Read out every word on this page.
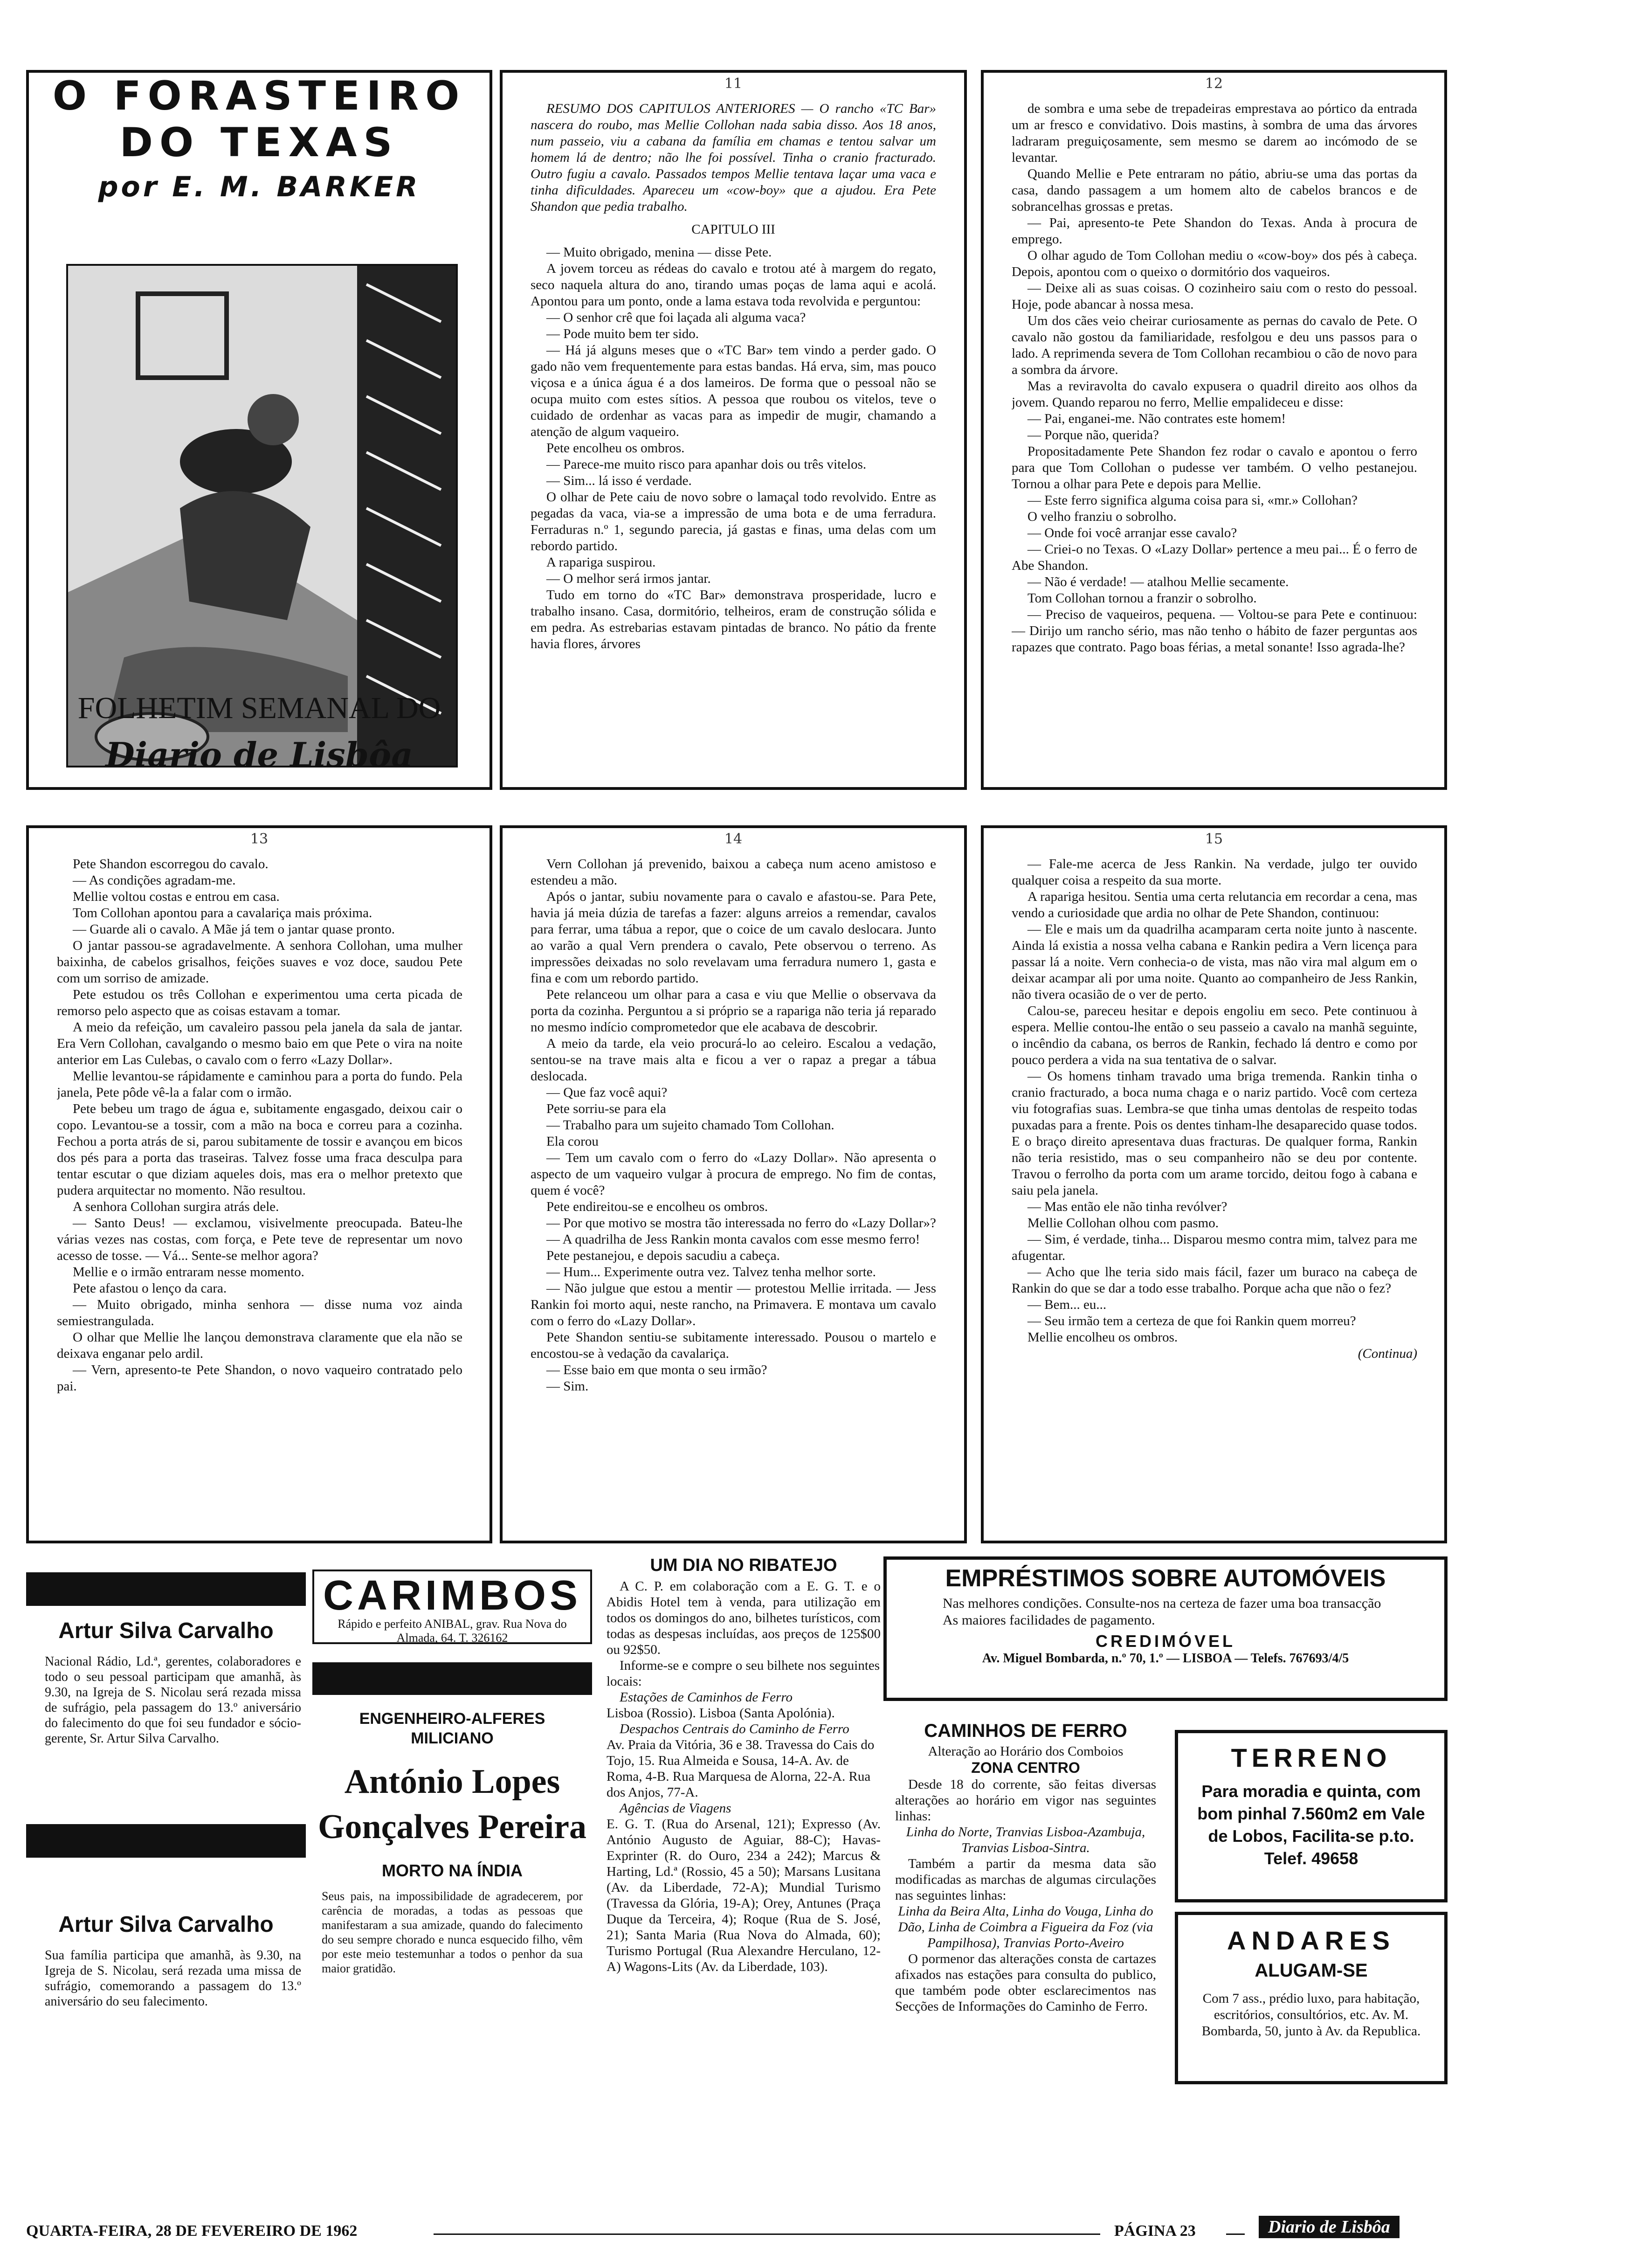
O FORASTEIRO
DO TEXAS
por E. M. BARKER
FOLHETIM SEMANAL DO
Diario de Lisbôa
11

RESUMO DOS CAPITULOS ANTERIORES — O rancho «TC Bar» nascera do roubo, mas Mellie Collohan nada sabia disso. Aos 18 anos, num passeio, viu a cabana da família em chamas e tentou salvar um homem lá de dentro; não lhe foi possível. Tinha o cranio fracturado. Outro fugiu a cavalo. Passados tempos Mellie tentava laçar uma vaca e tinha dificuldades. Apareceu um «cow-boy» que a ajudou. Era Pete Shandon que pedia trabalho.

CAPITULO III

— Muito obrigado, menina — disse Pete.

A jovem torceu as rédeas do cavalo e trotou até à margem do regato, seco naquela altura do ano, tirando umas poças de lama aqui e acolá. Apontou para um ponto, onde a lama estava toda revolvida e perguntou:

— O senhor crê que foi laçada ali alguma vaca?

— Pode muito bem ter sido.

— Há já alguns meses que o «TC Bar» tem vindo a perder gado. O gado não vem frequentemente para estas bandas. Há erva, sim, mas pouco viçosa e a única água é a dos lameiros. De forma que o pessoal não se ocupa muito com estes sítios. A pessoa que roubou os vitelos, teve o cuidado de ordenhar as vacas para as impedir de mugir, chamando a atenção de algum vaqueiro.

Pete encolheu os ombros.

— Parece-me muito risco para apanhar dois ou três vitelos.

— Sim... lá isso é verdade.

O olhar de Pete caiu de novo sobre o lamaçal todo revolvido. Entre as pegadas da vaca, via-se a impressão de uma bota e de uma ferradura. Ferraduras n.º 1, segundo parecia, já gastas e finas, uma delas com um rebordo partido.

A rapariga suspirou.

— O melhor será irmos jantar.

Tudo em torno do «TC Bar» demonstrava prosperidade, lucro e trabalho insano. Casa, dormitório, telheiros, eram de construção sólida e em pedra. As estrebarias estavam pintadas de branco. No pátio da frente havia flores, árvores

12

de sombra e uma sebe de trepadeiras emprestava ao pórtico da entrada um ar fresco e convidativo. Dois mastins, à sombra de uma das árvores ladraram preguiçosamente, sem mesmo se darem ao incómodo de se levantar.

Quando Mellie e Pete entraram no pátio, abriu-se uma das portas da casa, dando passagem a um homem alto de cabelos brancos e de sobrancelhas grossas e pretas.

— Pai, apresento-te Pete Shandon do Texas. Anda à procura de emprego.

O olhar agudo de Tom Collohan mediu o «cow-boy» dos pés à cabeça. Depois, apontou com o queixo o dormitório dos vaqueiros.

— Deixe ali as suas coisas. O cozinheiro saiu com o resto do pessoal. Hoje, pode abancar à nossa mesa.

Um dos cães veio cheirar curiosamente as pernas do cavalo de Pete. O cavalo não gostou da familiaridade, resfolgou e deu uns passos para o lado. A reprimenda severa de Tom Collohan recambiou o cão de novo para a sombra da árvore.

Mas a reviravolta do cavalo expusera o quadril direito aos olhos da jovem. Quando reparou no ferro, Mellie empalideceu e disse:

— Pai, enganei-me. Não contrates este homem!

— Porque não, querida?

Propositadamente Pete Shandon fez rodar o cavalo e apontou o ferro para que Tom Collohan o pudesse ver também. O velho pestanejou. Tornou a olhar para Pete e depois para Mellie.

— Este ferro significa alguma coisa para si, «mr.» Collohan?

O velho franziu o sobrolho.

— Onde foi você arranjar esse cavalo?

— Criei-o no Texas. O «Lazy Dollar» pertence a meu pai... É o ferro de Abe Shandon.

— Não é verdade! — atalhou Mellie secamente.

Tom Collohan tornou a franzir o sobrolho.

— Preciso de vaqueiros, pequena. — Voltou-se para Pete e continuou: — Dirijo um rancho sério, mas não tenho o hábito de fazer perguntas aos rapazes que contrato. Pago boas férias, a metal sonante! Isso agrada-lhe?

13

Pete Shandon escorregou do cavalo.

— As condições agradam-me.

Mellie voltou costas e entrou em casa.

Tom Collohan apontou para a cavalariça mais próxima.

— Guarde ali o cavalo. A Mãe já tem o jantar quase pronto.

O jantar passou-se agradavelmente. A senhora Collohan, uma mulher baixinha, de cabelos grisalhos, feições suaves e voz doce, saudou Pete com um sorriso de amizade.

Pete estudou os três Collohan e experimentou uma certa picada de remorso pelo aspecto que as coisas estavam a tomar.

A meio da refeição, um cavaleiro passou pela janela da sala de jantar. Era Vern Collohan, cavalgando o mesmo baio em que Pete o vira na noite anterior em Las Culebas, o cavalo com o ferro «Lazy Dollar».

Mellie levantou-se rápidamente e caminhou para a porta do fundo. Pela janela, Pete pôde vê-la a falar com o irmão.

Pete bebeu um trago de água e, subitamente engasgado, deixou cair o copo. Levantou-se a tossir, com a mão na boca e correu para a cozinha. Fechou a porta atrás de si, parou subitamente de tossir e avançou em bicos dos pés para a porta das traseiras. Talvez fosse uma fraca desculpa para tentar escutar o que diziam aqueles dois, mas era o melhor pretexto que pudera arquitectar no momento. Não resultou.

A senhora Collohan surgira atrás dele.

— Santo Deus! — exclamou, visivelmente preocupada. Bateu-lhe várias vezes nas costas, com força, e Pete teve de representar um novo acesso de tosse. — Vá... Sente-se melhor agora?

Mellie e o irmão entraram nesse momento.

Pete afastou o lenço da cara.

— Muito obrigado, minha senhora — disse numa voz ainda semiestrangulada.

O olhar que Mellie lhe lançou demonstrava claramente que ela não se deixava enganar pelo ardil.

— Vern, apresento-te Pete Shandon, o novo vaqueiro contratado pelo pai.

14

Vern Collohan já prevenido, baixou a cabeça num aceno amistoso e estendeu a mão.

Após o jantar, subiu novamente para o cavalo e afastou-se. Para Pete, havia já meia dúzia de tarefas a fazer: alguns arreios a remendar, cavalos para ferrar, uma tábua a repor, que o coice de um cavalo deslocara. Junto ao varão a qual Vern prendera o cavalo, Pete observou o terreno. As impressões deixadas no solo revelavam uma ferradura numero 1, gasta e fina e com um rebordo partido.

Pete relanceou um olhar para a casa e viu que Mellie o observava da porta da cozinha. Perguntou a si próprio se a rapariga não teria já reparado no mesmo indício comprometedor que ele acabava de descobrir.

A meio da tarde, ela veio procurá-lo ao celeiro. Escalou a vedação, sentou-se na trave mais alta e ficou a ver o rapaz a pregar a tábua deslocada.

— Que faz você aqui?

Pete sorriu-se para ela

— Trabalho para um sujeito chamado Tom Collohan.

Ela corou

— Tem um cavalo com o ferro do «Lazy Dollar». Não apresenta o aspecto de um vaqueiro vulgar à procura de emprego. No fim de contas, quem é você?

Pete endireitou-se e encolheu os ombros.

— Por que motivo se mostra tão interessada no ferro do «Lazy Dollar»?

— A quadrilha de Jess Rankin monta cavalos com esse mesmo ferro!

Pete pestanejou, e depois sacudiu a cabeça.

— Hum... Experimente outra vez. Talvez tenha melhor sorte.

— Não julgue que estou a mentir — protestou Mellie irritada. — Jess Rankin foi morto aqui, neste rancho, na Primavera. E montava um cavalo com o ferro do «Lazy Dollar».

Pete Shandon sentiu-se subitamente interessado. Pousou o martelo e encostou-se à vedação da cavalariça.

— Esse baio em que monta o seu irmão?

— Sim.

15

— Fale-me acerca de Jess Rankin. Na verdade, julgo ter ouvido qualquer coisa a respeito da sua morte.

A rapariga hesitou. Sentia uma certa relutancia em recordar a cena, mas vendo a curiosidade que ardia no olhar de Pete Shandon, continuou:

— Ele e mais um da quadrilha acamparam certa noite junto à nascente. Ainda lá existia a nossa velha cabana e Rankin pedira a Vern licença para passar lá a noite. Vern conhecia-o de vista, mas não vira mal algum em o deixar acampar ali por uma noite. Quanto ao companheiro de Jess Rankin, não tivera ocasião de o ver de perto.

Calou-se, pareceu hesitar e depois engoliu em seco. Pete continuou à espera. Mellie contou-lhe então o seu passeio a cavalo na manhã seguinte, o incêndio da cabana, os berros de Rankin, fechado lá dentro e como por pouco perdera a vida na sua tentativa de o salvar.

— Os homens tinham travado uma briga tremenda. Rankin tinha o cranio fracturado, a boca numa chaga e o nariz partido. Você com certeza viu fotografias suas. Lembra-se que tinha umas dentolas de respeito todas puxadas para a frente. Pois os dentes tinham-lhe desaparecido quase todos. E o braço direito apresentava duas fracturas. De qualquer forma, Rankin não teria resistido, mas o seu companheiro não se deu por contente. Travou o ferrolho da porta com um arame torcido, deitou fogo à cabana e saiu pela janela.

— Mas então ele não tinha revólver?

Mellie Collohan olhou com pasmo.

— Sim, é verdade, tinha... Disparou mesmo contra mim, talvez para me afugentar.

— Acho que lhe teria sido mais fácil, fazer um buraco na cabeça de Rankin do que se dar a todo esse trabalho. Porque acha que não o fez?

— Bem... eu...

— Seu irmão tem a certeza de que foi Rankin quem morreu?

Mellie encolheu os ombros.

(Continua)

Artur Silva Carvalho
Nacional Rádio, Ld.ª, gerentes, colaboradores e todo o seu pessoal participam que amanhã, às 9.30, na Igreja de S. Nicolau será rezada missa de sufrágio, pela passagem do 13.º aniversário do falecimento do que foi seu fundador e sócio-gerente, Sr. Artur Silva Carvalho.
Artur Silva Carvalho
Sua família participa que amanhã, às 9.30, na Igreja de S. Nicolau, será rezada uma missa de sufrágio, comemorando a passagem do 13.º aniversário do seu falecimento.
CARIMBOS
Rápido e perfeito ANIBAL, grav. Rua Nova do Almada, 64. T. 326162
ENGENHEIRO-ALFERES MILICIANO
António Lopes
Gonçalves Pereira
MORTO NA ÍNDIA
Seus pais, na impossibilidade de agradecerem, por carência de moradas, a todas as pessoas que manifestaram a sua amizade, quando do falecimento do seu sempre chorado e nunca esquecido filho, vêm por este meio testemunhar a todos o penhor da sua maior gratidão.
UM DIA NO RIBATEJO
A C. P. em colaboração com a E. G. T. e o Abidis Hotel tem à venda, para utilização em todos os domingos do ano, bilhetes turísticos, com todas as despesas incluídas, aos preços de 125$00 ou 92$50.
Informe-se e compre o seu bilhete nos seguintes locais:
Estações de Caminhos de Ferro
Lisboa (Rossio). Lisboa (Santa Apolónia).
Despachos Centrais do Caminho de Ferro
Av. Praia da Vitória, 36 e 38. Travessa do Cais do Tojo, 15. Rua Almeida e Sousa, 14-A. Av. de Roma, 4-B. Rua Marquesa de Alorna, 22-A. Rua dos Anjos, 77-A.
Agências de Viagens
E. G. T. (Rua do Arsenal, 121); Expresso (Av. António Augusto de Aguiar, 88-C); Havas-Exprinter (R. do Ouro, 234 a 242); Marcus & Harting, Ld.ª (Rossio, 45 a 50); Marsans Lusitana (Av. da Liberdade, 72-A); Mundial Turismo (Travessa da Glória, 19-A); Orey, Antunes (Praça Duque da Terceira, 4); Roque (Rua de S. José, 21); Santa Maria (Rua Nova do Almada, 60); Turismo Portugal (Rua Alexandre Herculano, 12-A) Wagons-Lits (Av. da Liberdade, 103).
EMPRÉSTIMOS SOBRE AUTOMÓVEIS
Nas melhores condições. Consulte-nos na certeza de fazer uma boa transacção
As maiores facilidades de pagamento.
CREDIMÓVEL
Av. Miguel Bombarda, n.º 70, 1.º — LISBOA — Telefs. 767693/4/5
CAMINHOS DE FERRO
Alteração ao Horário dos Comboios
ZONA CENTRO
Desde 18 do corrente, são feitas diversas alterações ao horário em vigor nas seguintes linhas:
Linha do Norte, Tranvias Lisboa-Azambuja, Tranvias Lisboa-Sintra.
Também a partir da mesma data são modificadas as marchas de algumas circulações nas seguintes linhas:
Linha da Beira Alta, Linha do Vouga, Linha do Dão, Linha de Coimbra a Figueira da Foz (via Pampilhosa), Tranvias Porto-Aveiro
O pormenor das alterações consta de cartazes afixados nas estações para consulta do publico, que também pode obter esclarecimentos nas Secções de Informações do Caminho de Ferro.
TERRENO
Para moradia e quinta, com bom pinhal 7.560m2 em Vale de Lobos, Facilita-se p.to. Telef. 49658
ANDARES
ALUGAM-SE
Com 7 ass., prédio luxo, para habitação, escritórios, consultórios, etc. Av. M. Bombarda, 50, junto à Av. da Republica.
QUARTA-FEIRA, 28 DE FEVEREIRO DE 1962	PÁGINA 23	Diario de Lisbôa
